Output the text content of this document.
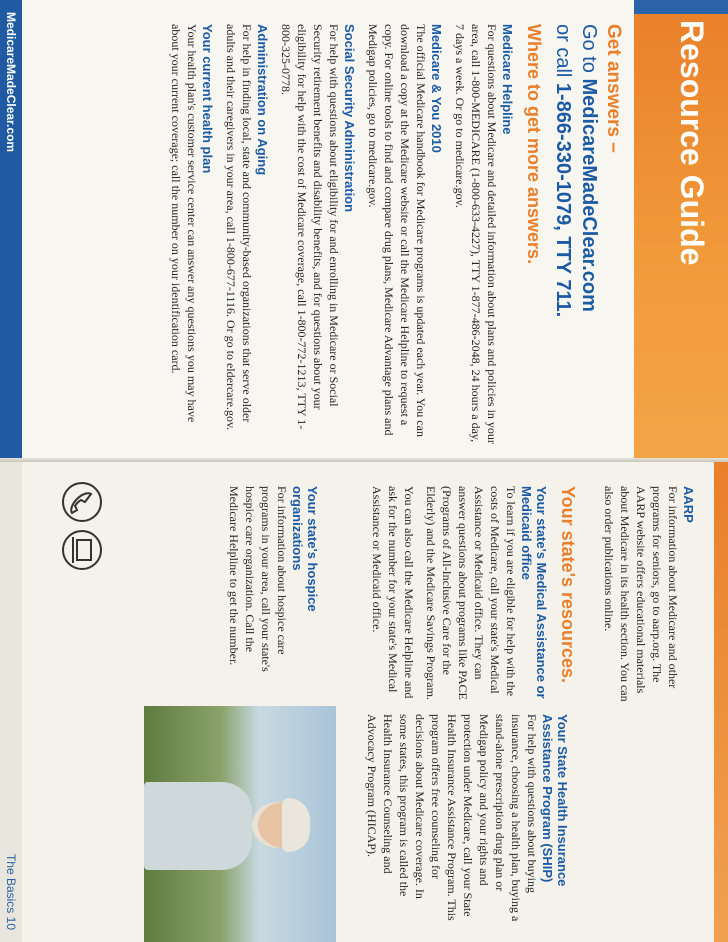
Resource Guide
Get answers –
Go to MedicareMadeClear.com
or call 1-866-330-1079, TTY 711.
Where to get more answers.
Medicare Helpline
For questions about Medicare and detailed information about plans and policies in your area, call 1-800-MEDICARE (1-800-633-4227), TTY 1-877-486-2048, 24 hours a day, 7 days a week. Or go to medicare.gov.
Medicare & You 2010
The official Medicare handbook for Medicare programs is updated each year. You can download a copy at the Medicare website or call the Medicare Helpline to request a copy. For online tools to find and compare drug plans, Medicare Advantage plans and Medigap policies, go to medicare.gov.
Social Security Administration
For help with questions about eligibility for and enrolling in Medicare or Social Security retirement benefits and disability benefits, and for questions about your eligibility for help with the cost of Medicare coverage, call 1-800-772-1213, TTY 1-800-325-0778.
Administration on Aging
For help in finding local, state and community-based organizations that serve older adults and their caregivers in your area, call 1-800-677-1116. Or go to eldercare.gov.
Your current health plan
Your health plan's customer service center can answer any questions you may have about your current coverage; call the number on your identification card.
MedicareMadeClear.com
AARP
For information about Medicare and other programs for seniors, go to aarp.org. The AARP website offers educational materials about Medicare in its health section. You can also order publications online.
Your state's resources.
Your state's Medical Assistance or Medicaid office
To learn if you are eligible for help with the costs of Medicare, call your state's Medical Assistance or Medicaid office. They can answer questions about programs like PACE (Programs of All-Inclusive Care for the Elderly) and the Medicare Savings Program.
You can also call the Medicare Helpline and ask for the number for your state's Medical Assistance or Medicaid office.
Your State Health Insurance Assistance Program (SHIP)
For help with questions about buying insurance, choosing a health plan, buying a stand-alone prescription drug plan or Medigap policy and your rights and protection under Medicare, call your State Health Insurance Assistance Program. This program offers free counseling for decisions about Medicare coverage. In some states, this program is called the Health Insurance Counseling and Advocacy Program (HICAP).
Your state's hospice organizations
For information about hospice care programs in your area, call your state's hospice care organization. Call the Medicare Helpline to get the number.
The Basics 10
